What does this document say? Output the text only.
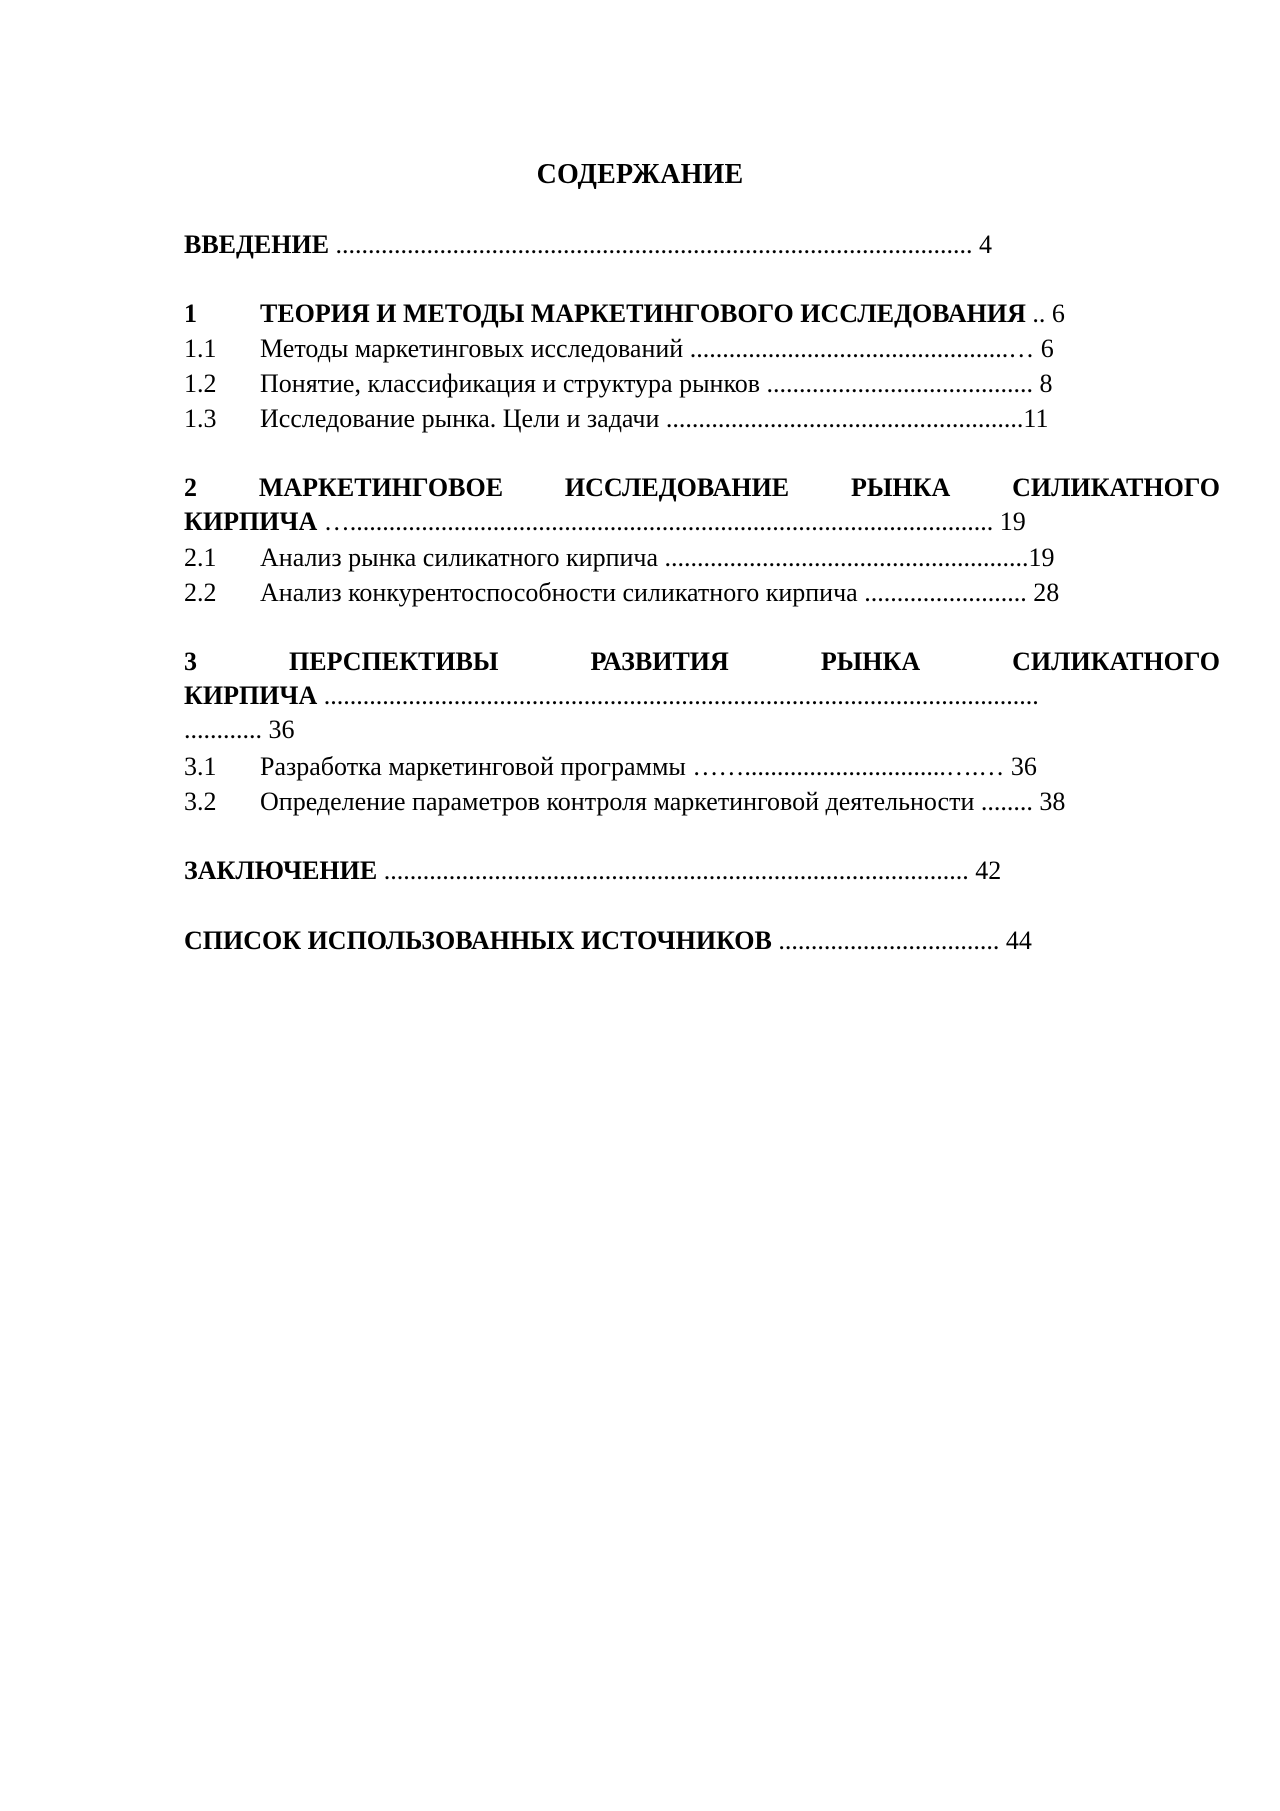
СОДЕРЖАНИЕ
ВВЕДЕНИЕ .................................................................................................. 4
1 ТЕОРИЯ И МЕТОДЫ МАРКЕТИНГОВОГО ИССЛЕДОВАНИЯ .. 6
1.1 Методы маркетинговых исследований .................................................… 6
1.2 Понятие, классификация и структура рынков ......................................... 8
1.3 Исследование рынка. Цели и задачи .......................................................11
2 МАРКЕТИНГОВОЕ ИССЛЕДОВАНИЕ РЫНКА СИЛИКАТНОГО
КИРПИЧА …................................................................................................... 19
2.1 Анализ рынка силикатного кирпича ........................................................19
2.2 Анализ конкурентоспособности силикатного кирпича ......................... 28
3	ПЕРСПЕКТИВЫ	РАЗВИТИЯ	РЫНКА	СИЛИКАТНОГО
КИРПИЧА ..............................................................................................................
............ 36
3.1 Разработка маркетинговой программы ……...............................….… 36
3.2 Определение параметров контроля маркетинговой деятельности ........ 38
ЗАКЛЮЧЕНИЕ .......................................................................................... 42
СПИСОК ИСПОЛЬЗОВАННЫХ ИСТОЧНИКОВ .................................. 44
